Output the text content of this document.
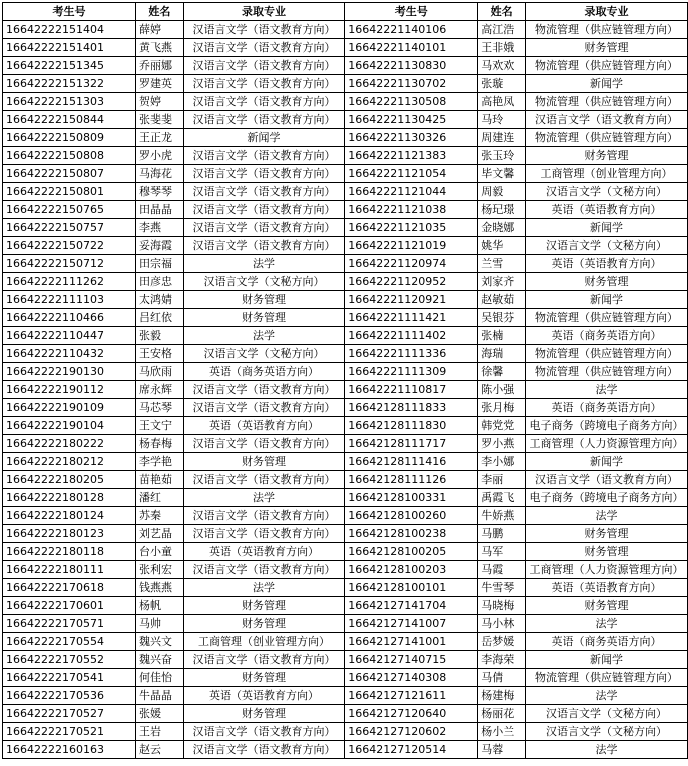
考生号	姓名	录取专业	考生号	姓名	录取专业
16642222151404	薛婷	汉语言文学（语文教育方向）	16642221140106	高江浩	物流管理（供应链管理方向）
16642222151401	黄飞燕	汉语言文学（语文教育方向）	16642221140101	王非娥	财务管理
16642222151345	乔丽娜	汉语言文学（语文教育方向）	16642221130830	马欢欢	物流管理（供应链管理方向）
16642222151322	罗建英	汉语言文学（语文教育方向）	16642221130702	张璇	新闻学
16642222151303	贺婷	汉语言文学（语文教育方向）	16642221130508	高艳凤	物流管理（供应链管理方向）
16642222150844	张斐斐	汉语言文学（语文教育方向）	16642221130425	马玲	汉语言文学（语文教育方向）
16642222150809	王正龙	新闻学	16642221130326	周建连	物流管理（供应链管理方向）
16642222150808	罗小虎	汉语言文学（语文教育方向）	16642221121383	张玉玲	财务管理
16642222150807	马海花	汉语言文学（语文教育方向）	16642221121054	毕文馨	工商管理（创业管理方向）
16642222150801	穆琴琴	汉语言文学（语文教育方向）	16642221121044	周毅	汉语言文学（文秘方向）
16642222150765	田晶晶	汉语言文学（语文教育方向）	16642221121038	杨玘璟	英语（英语教育方向）
16642222150757	李燕	汉语言文学（语文教育方向）	16642221121035	金晓娜	新闻学
16642222150722	妥海霞	汉语言文学（语文教育方向）	16642221121019	姚华	汉语言文学（文秘方向）
16642222150712	田宗福	法学	16642221120974	兰雪	英语（英语教育方向）
16642222111262	田彦忠	汉语言文学（文秘方向）	16642221120952	刘家齐	财务管理
16642222111103	太鸿婧	财务管理	16642221120921	赵敏茹	新闻学
16642222110466	吕红依	财务管理	16642221111421	吴银芬	物流管理（供应链管理方向）
16642222110447	张毅	法学	16642221111402	张楠	英语（商务英语方向）
16642222110432	王安格	汉语言文学（文秘方向）	16642221111336	海瑞	物流管理（供应链管理方向）
16642222190130	马欣雨	英语（商务英语方向）	16642221111309	徐馨	物流管理（供应链管理方向）
16642222190112	席永辉	汉语言文学（语文教育方向）	16642221110817	陈小强	法学
16642222190109	马芯琴	汉语言文学（语文教育方向）	16642128111833	张月梅	英语（商务英语方向）
16642222190104	王文宁	英语（英语教育方向）	16642128111830	韩党党	电子商务（跨境电子商务方向）
16642222180222	杨春梅	汉语言文学（语文教育方向）	16642128111717	罗小燕	工商管理（人力资源管理方向）
16642222180212	李学艳	财务管理	16642128111416	李小娜	新闻学
16642222180205	苗艳茹	汉语言文学（语文教育方向）	16642128111126	李丽	汉语言文学（语文教育方向）
16642222180128	潘红	法学	16642128100331	禹霞飞	电子商务（跨境电子商务方向）
16642222180124	苏秦	汉语言文学（语文教育方向）	16642128100260	牛娇燕	法学
16642222180123	刘艺晶	汉语言文学（语文教育方向）	16642128100238	马鹏	财务管理
16642222180118	台小童	英语（英语教育方向）	16642128100205	马军	财务管理
16642222180111	张利宏	汉语言文学（语文教育方向）	16642128100203	马霞	工商管理（人力资源管理方向）
16642222170618	钱燕燕	法学	16642128100101	牛雪琴	英语（英语教育方向）
16642222170601	杨帆	财务管理	16642127141704	马晓梅	财务管理
16642222170571	马帅	财务管理	16642127141007	马小林	法学
16642222170554	魏兴文	工商管理（创业管理方向）	16642127141001	岳梦媛	英语（商务英语方向）
16642222170552	魏兴奋	汉语言文学（语文教育方向）	16642127140715	李海荣	新闻学
16642222170541	何佳怡	财务管理	16642127140308	马倩	物流管理（供应链管理方向）
16642222170536	牛晶晶	英语（英语教育方向）	16642127121611	杨建梅	法学
16642222170527	张媛	财务管理	16642127120640	杨丽花	汉语言文学（文秘方向）
16642222170521	王岩	汉语言文学（语文教育方向）	16642127120602	杨小兰	汉语言文学（文秘方向）
16642222160163	赵云	汉语言文学（语文教育方向）	16642127120514	马蓉	法学
